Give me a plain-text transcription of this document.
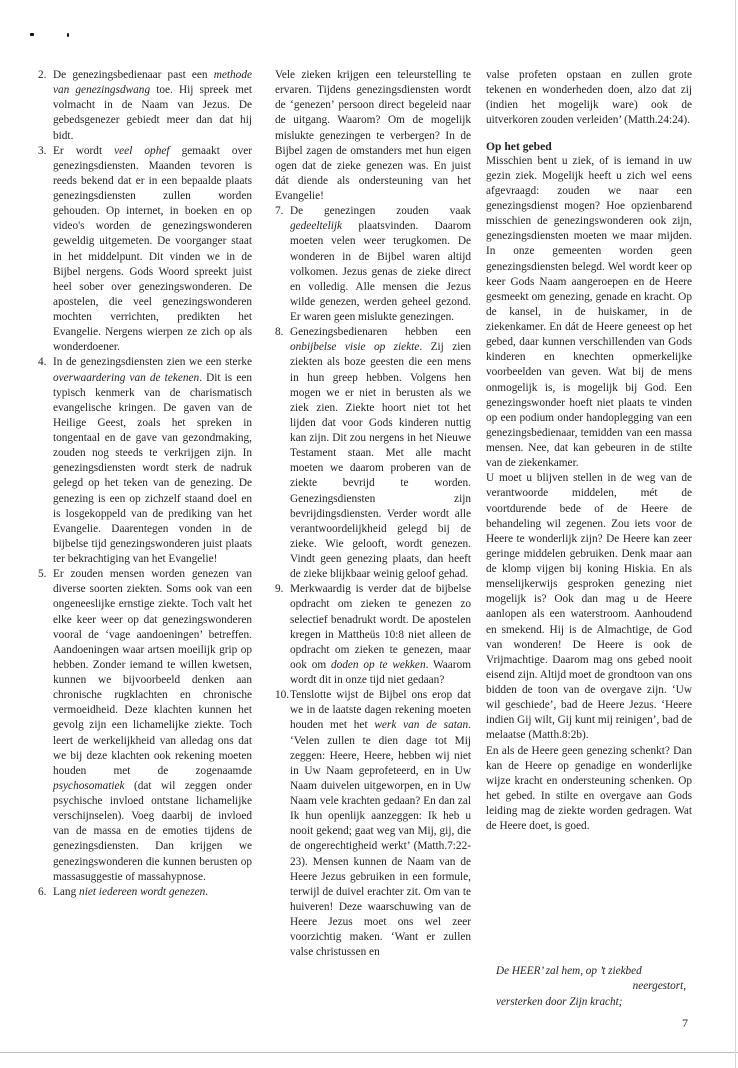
2. De genezingsbedienaar past een methode van genezingsdwang toe. Hij spreek met volmacht in de Naam van Jezus. De gebedsgenezer gebiedt meer dan dat hij bidt.
3. Er wordt veel ophef gemaakt over genezingsdiensten. Maanden tevoren is reeds bekend dat er in een bepaalde plaats genezingsdiensten zullen worden gehouden. Op internet, in boeken en op video's worden de genezingswonderen geweldig uitgemeten. De voorganger staat in het middelpunt. Dit vinden we in de Bijbel nergens. Gods Woord spreekt juist heel sober over genezingswonderen. De apostelen, die veel genezingswonderen mochten verrichten, predikten het Evangelie. Nergens wierpen ze zich op als wonderdoener.
4. In de genezingsdiensten zien we een sterke overwaardering van de tekenen. Dit is een typisch kenmerk van de charismatisch evangelische kringen. De gaven van de Heilige Geest, zoals het spreken in tongentaal en de gave van gezondmaking, zouden nog steeds te verkrijgen zijn. In genezingsdiensten wordt sterk de nadruk gelegd op het teken van de genezing. De genezing is een op zichzelf staand doel en is losgekoppeld van de prediking van het Evangelie. Daarentegen vonden in de bijbelse tijd genezingswonderen juist plaats ter bekrachtiging van het Evangelie!
5. Er zouden mensen worden genezen van diverse soorten ziekten. Soms ook van een ongeneeslijke ernstige ziekte. Toch valt het elke keer weer op dat genezingswonderen vooral de ‘vage aandoeningen’ betreffen. Aandoeningen waar artsen moeilijk grip op hebben. Zonder iemand te willen kwetsen, kunnen we bijvoorbeeld denken aan chronische rugklachten en chronische vermoeidheid. Deze klachten kunnen het gevolg zijn een lichamelijke ziekte. Toch leert de werkelijkheid van alledag ons dat we bij deze klachten ook rekening moeten houden met de zogenaamde psychosomatiek (dat wil zeggen onder psychische invloed ontstane lichamelijke verschijnselen). Voeg daarbij de invloed van de massa en de emoties tijdens de genezingsdiensten. Dan krijgen we genezingswonderen die kunnen berusten op massasuggestie of massahypnose.
6. Lang niet iedereen wordt genezen.

Vele zieken krijgen een teleurstelling te ervaren. Tijdens genezingsdiensten wordt de ‘genezen’ persoon direct begeleid naar de uitgang. Waarom? Om de mogelijk mislukte genezingen te verbergen? In de Bijbel zagen de omstanders met hun eigen ogen dat de zieke genezen was. En juist dát diende als ondersteuning van het Evangelie!

7. De genezingen zouden vaak gedeeltelijk plaatsvinden. Daarom moeten velen weer terugkomen. De wonderen in de Bijbel waren altijd volkomen. Jezus genas de zieke direct en volledig. Alle mensen die Jezus wilde genezen, werden geheel gezond. Er waren geen mislukte genezingen.
8. Genezingsbedienaren hebben een onbijbelse visie op ziekte. Zij zien ziekten als boze geesten die een mens in hun greep hebben. Volgens hen mogen we er niet in berusten als we ziek zien. Ziekte hoort niet tot het lijden dat voor Gods kinderen nuttig kan zijn. Dit zou nergens in het Nieuwe Testament staan. Met alle macht moeten we daarom proberen van de ziekte bevrijd te worden. Genezingsdiensten zijn bevrijdingsdiensten. Verder wordt alle verantwoordelijkheid gelegd bij de zieke. Wie gelooft, wordt genezen. Vindt geen genezing plaats, dan heeft de zieke blijkbaar weinig geloof gehad.
9. Merkwaardig is verder dat de bijbelse opdracht om zieken te genezen zo selectief benadrukt wordt. De apostelen kregen in Mattheüs 10:8 niet alleen de opdracht om zieken te genezen, maar ook om doden op te wekken. Waarom wordt dit in onze tijd niet gedaan?
10. Tenslotte wijst de Bijbel ons erop dat we in de laatste dagen rekening moeten houden met het werk van de satan. ‘Velen zullen te dien dage tot Mij zeggen: Heere, Heere, hebben wij niet in Uw Naam geprofeteerd, en in Uw Naam duivelen uitgeworpen, en in Uw Naam vele krachten gedaan? En dan zal Ik hun openlijk aanzeggen: Ik heb u nooit gekend; gaat weg van Mij, gij, die de ongerechtigheid werkt’ (Matth.7:22-23). Mensen kunnen de Naam van de Heere Jezus gebruiken in een formule, terwijl de duivel erachter zit. Om van te huiveren! Deze waarschuwing van de Heere Jezus moet ons wel zeer voorzichtig maken. ‘Want er zullen valse christussen en

valse profeten opstaan en zullen grote tekenen en wonderheden doen, alzo dat zij (indien het mogelijk ware) ook de uitverkoren zouden verleiden’ (Matth.24:24).

Op het gebed

Misschien bent u ziek, of is iemand in uw gezin ziek. Mogelijk heeft u zich wel eens afgevraagd: zouden we naar een genezingsdienst mogen? Hoe opzienbarend misschien de genezingswonderen ook zijn, genezingsdiensten moeten we maar mijden. In onze gemeenten worden geen genezingsdiensten belegd. Wel wordt keer op keer Gods Naam aangeroepen en de Heere gesmeekt om genezing, genade en kracht. Op de kansel, in de huiskamer, in de ziekenkamer. En dát de Heere geneest op het gebed, daar kunnen verschillenden van Gods kinderen en knechten opmerkelijke voorbeelden van geven. Wat bij de mens onmogelijk is, is mogelijk bij God. Een genezingswonder hoeft niet plaats te vinden op een podium onder handoplegging van een genezingsbedienaar, temidden van een massa mensen. Nee, dat kan gebeuren in de stilte van de ziekenkamer.

U moet u blijven stellen in de weg van de verantwoorde middelen, mét de voortdurende bede of de Heere de behandeling wil zegenen. Zou iets voor de Heere te wonderlijk zijn? De Heere kan zeer geringe middelen gebruiken. Denk maar aan de klomp vijgen bij koning Hiskia. En als menselijkerwijs gesproken genezing niet mogelijk is? Ook dan mag u de Heere aanlopen als een waterstroom. Aanhoudend en smekend. Hij is de Almachtige, de God van wonderen! De Heere is ook de Vrijmachtige. Daarom mag ons gebed nooit eisend zijn. Altijd moet de grondtoon van ons bidden de toon van de overgave zijn. ‘Uw wil geschiede’, bad de Heere Jezus. ‘Heere indien Gij wilt, Gij kunt mij reinigen’, bad de melaatse (Matth.8:2b).

En als de Heere geen genezing schenkt? Dan kan de Heere op genadige en wonderlijke wijze kracht en ondersteuning schenken. Op het gebed. In stilte en overgave aan Gods leiding mag de ziekte worden gedragen. Wat de Heere doet, is goed.

De HEER’ zal hem, op ’t ziekbed
neergestort,
versterken door Zijn kracht;
7
